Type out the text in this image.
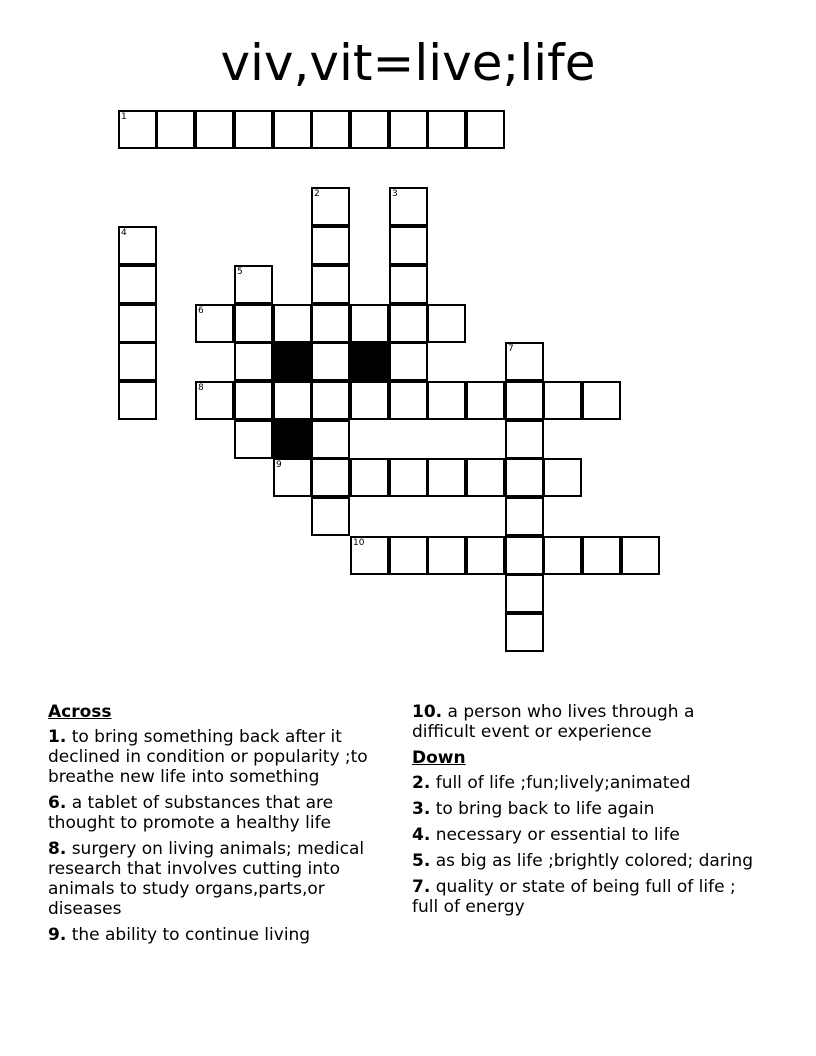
viv,vit=live;life
1
2	3
4
5
6
7
8
9
10
Across
1. to bring something back after it declined in condition or popularity ;to breathe new life into something
6. a tablet of substances that are thought to promote a healthy life
8. surgery on living animals; medical research that involves cutting into animals to study organs,parts,or diseases
9. the ability to continue living
10. a person who lives through a difficult event or experience
Down
2. full of life ;fun;lively;animated
3. to bring back to life again
4. necessary or essential to life
5. as big as life ;brightly colored; daring
7. quality or state of being full of life ; full of energy
